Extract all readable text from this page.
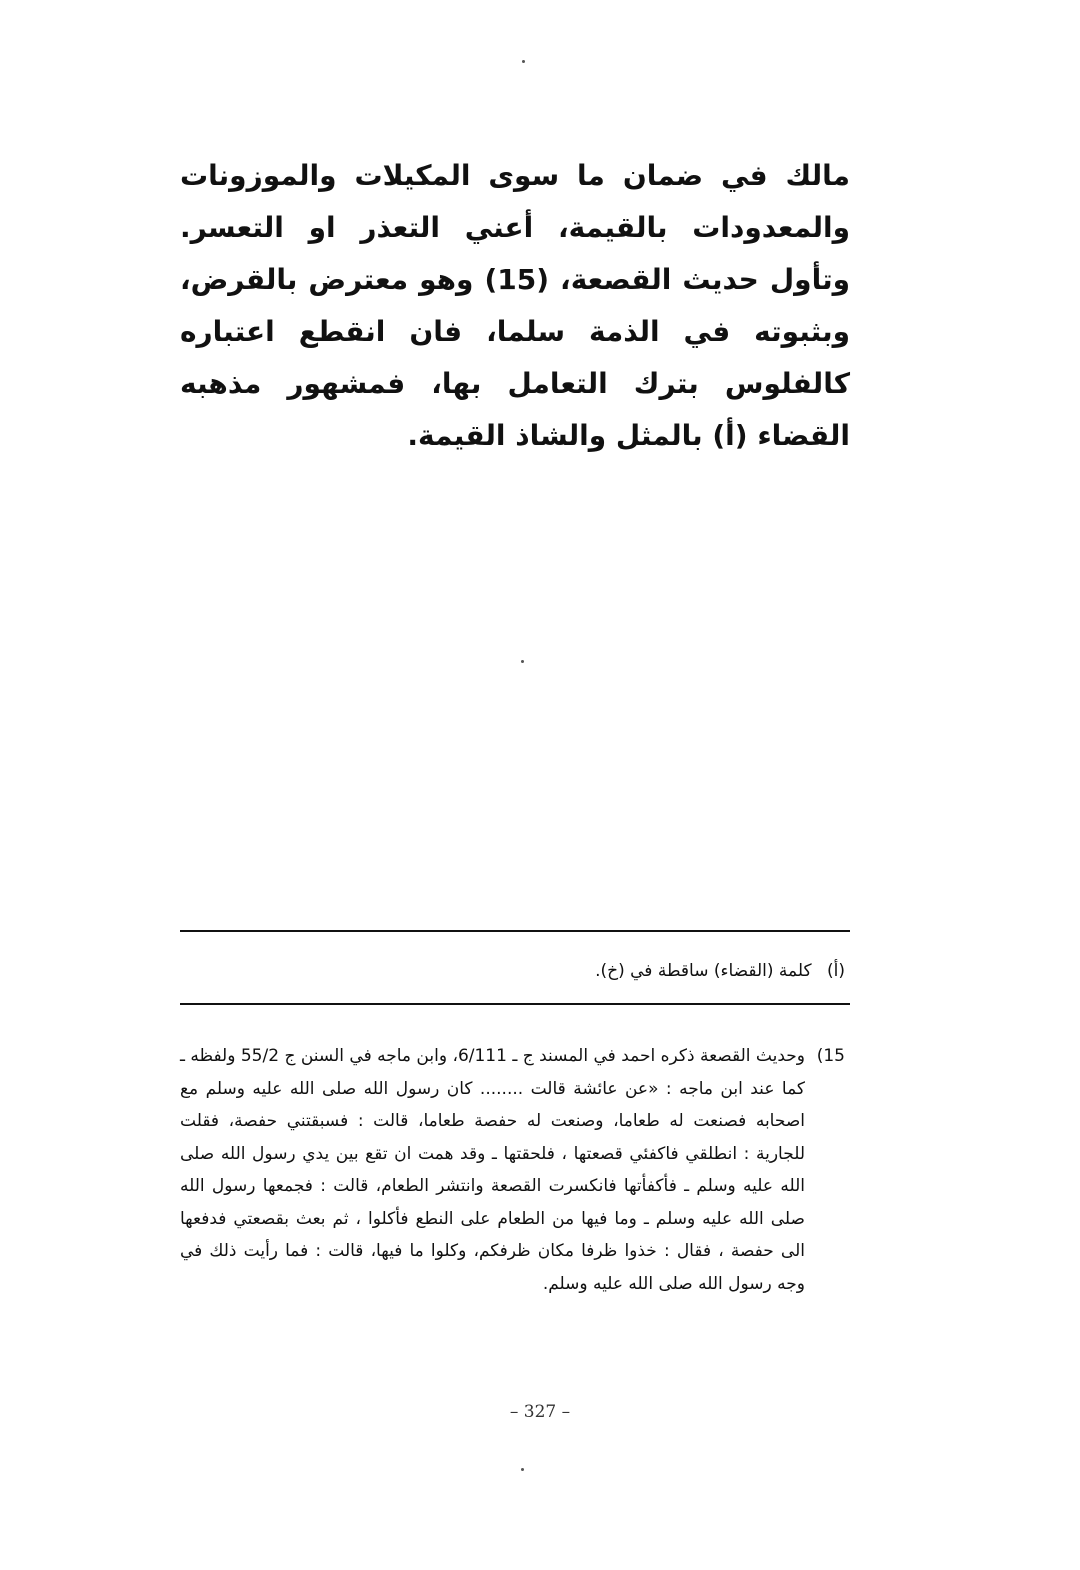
مالك في ضمان ما سوى المكيلات والموزونات والمعدودات بالقيمة، أعني التعذر او التعسر. وتأول حديث القصعة، (15) وهو معترض بالقرض، وبثبوته في الذمة سلما، فان انقطع اعتباره كالفلوس بترك التعامل بها، فمشهور مذهبه القضاء (أ) بالمثل والشاذ القيمة.

(أ) كلمة (القضاء) ساقطة في (خ).
15)

وحديث القصعة ذكره احمد في المسند ج ـ 6/111، وابن ماجه في السنن ج 55/2 ولفظه ـ كما عند ابن ماجه : «عن عائشة قالت ........ كان رسول الله صلى الله عليه وسلم مع اصحابه فصنعت له طعاما، وصنعت له حفصة طعاما، قالت : فسبقتني حفصة، فقلت للجارية : انطلقي فاكفئي قصعتها ، فلحقتها ـ وقد همت ان تقع بين يدي رسول الله صلى الله عليه وسلم ـ فأكفأتها فانكسرت القصعة وانتشر الطعام، قالت : فجمعها رسول الله صلى الله عليه وسلم ـ وما فيها من الطعام على النطع فأكلوا ، ثم بعث بقصعتي فدفعها الى حفصة ، فقال : خذوا ظرفا مكان ظرفكم، وكلوا ما فيها، قالت : فما رأيت ذلك في وجه رسول الله صلى الله عليه وسلم.

– 327 –
